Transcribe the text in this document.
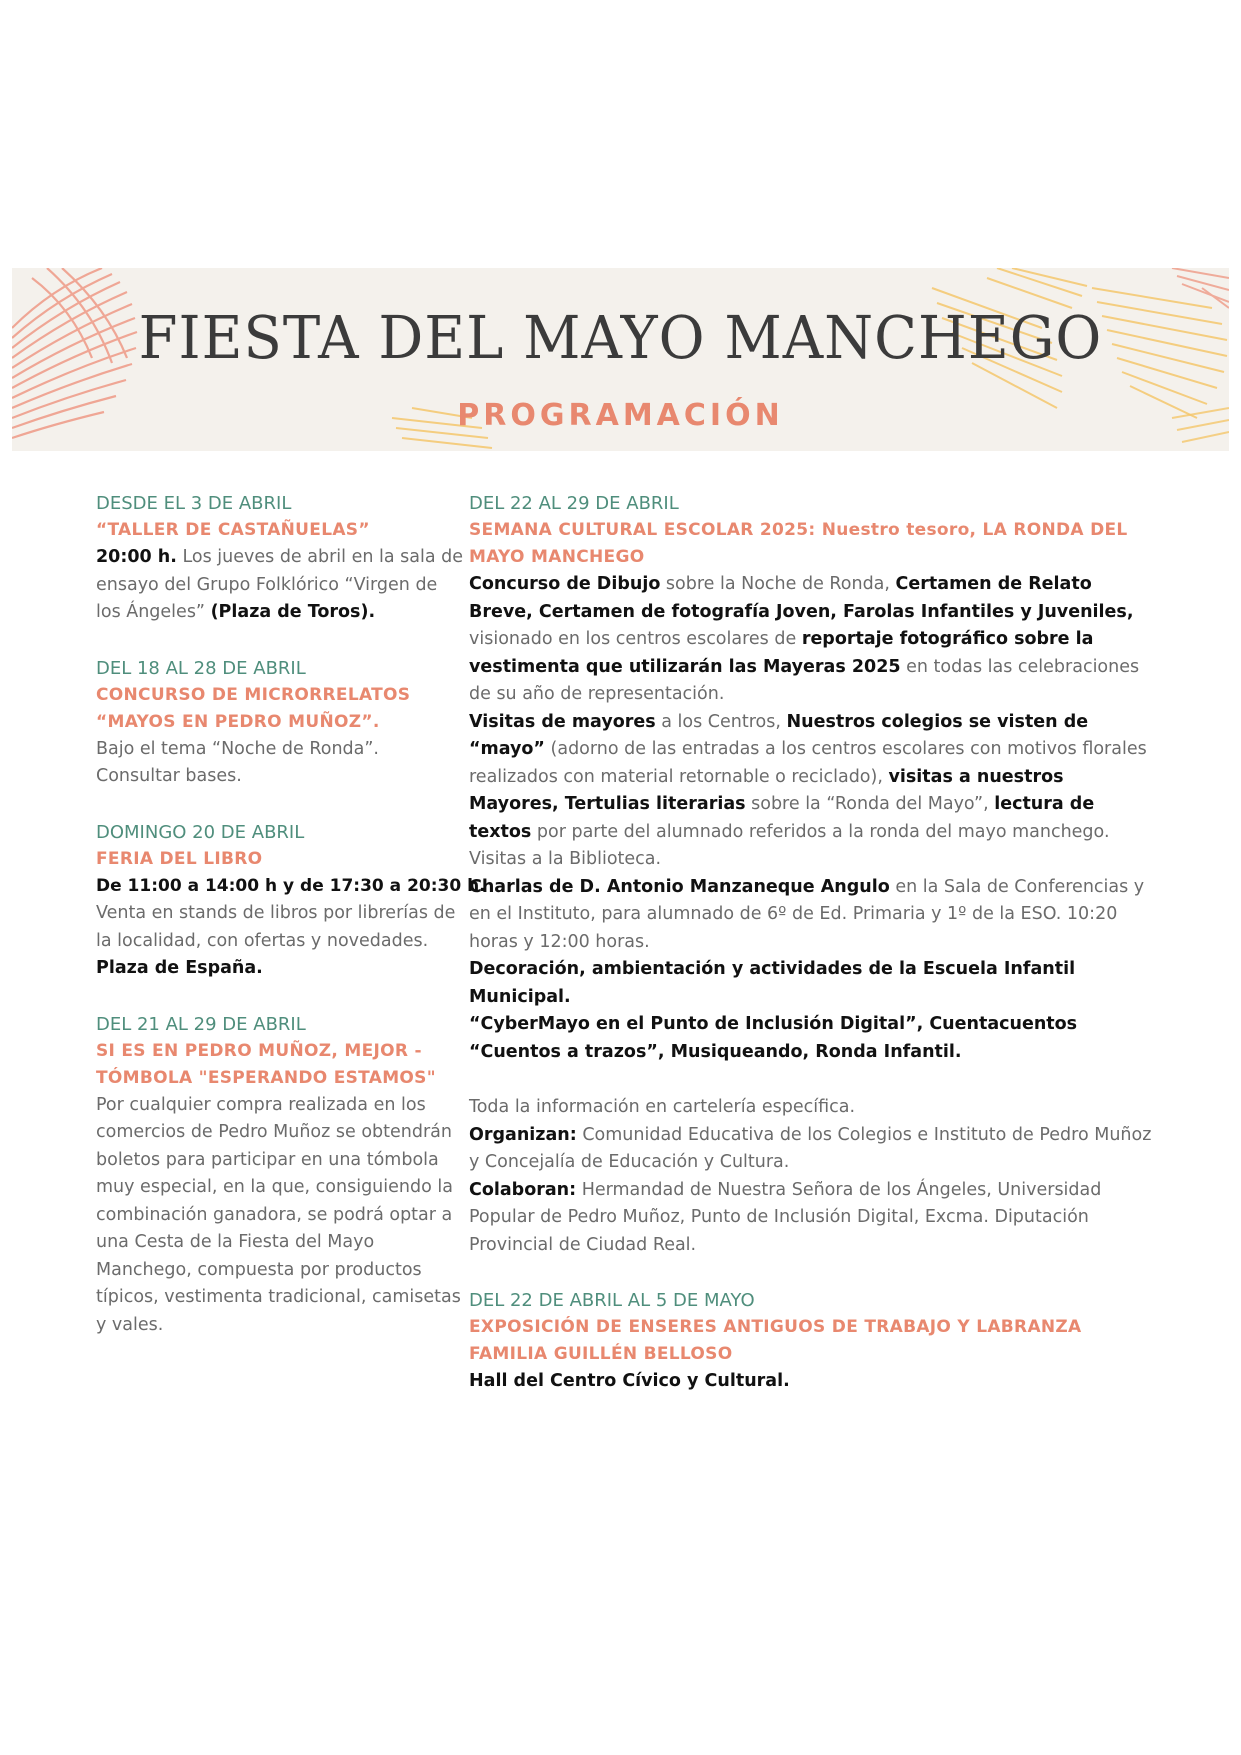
FIESTA DEL MAYO MANCHEGO
PROGRAMACIÓN
DESDE EL 3 DE ABRIL
“TALLER DE CASTAÑUELAS”
20:00 h. Los jueves de abril en la sala de ensayo del Grupo Folklórico “Virgen de los Ángeles” (Plaza de Toros).
DEL 18 AL 28 DE ABRIL
CONCURSO DE MICRORRELATOS
“MAYOS EN PEDRO MUÑOZ”.
Bajo el tema “Noche de Ronda”. Consultar bases.
DOMINGO 20 DE ABRIL
FERIA DEL LIBRO
De 11:00 a 14:00 h y de 17:30 a 20:30 h.
Venta en stands de libros por librerías de la localidad, con ofertas y novedades. Plaza de España.
DEL 21 AL 29 DE ABRIL
SI ES EN PEDRO MUÑOZ, MEJOR -
TÓMBOLA "ESPERANDO ESTAMOS"
Por cualquier compra realizada en los comercios de Pedro Muñoz se obtendrán boletos para participar en una tómbola muy especial, en la que, consiguiendo la combinación ganadora, se podrá optar a una Cesta de la Fiesta del Mayo Manchego, compuesta por productos típicos, vestimenta tradicional, camisetas y vales.
DEL 22 AL 29 DE ABRIL
SEMANA CULTURAL ESCOLAR 2025: Nuestro tesoro, LA RONDA DEL MAYO MANCHEGO
Concurso de Dibujo sobre la Noche de Ronda, Certamen de Relato Breve, Certamen de fotografía Joven, Farolas Infantiles y Juveniles, visionado en los centros escolares de reportaje fotográfico sobre la vestimenta que utilizarán las Mayeras 2025 en todas las celebraciones de su año de representación.
Visitas de mayores a los Centros, Nuestros colegios se visten de “mayo” (adorno de las entradas a los centros escolares con motivos florales realizados con material retornable o reciclado), visitas a nuestros Mayores, Tertulias literarias sobre la “Ronda del Mayo”, lectura de textos por parte del alumnado referidos a la ronda del mayo manchego. Visitas a la Biblioteca.
Charlas de D. Antonio Manzaneque Angulo en la Sala de Conferencias y en el Instituto, para alumnado de 6º de Ed. Primaria y 1º de la ESO. 10:20 horas y 12:00 horas.
Decoración, ambientación y actividades de la Escuela Infantil Municipal.
“CyberMayo en el Punto de Inclusión Digital”, Cuentacuentos “Cuentos a trazos”, Musiqueando, Ronda Infantil.
Toda la información en cartelería específica.
Organizan: Comunidad Educativa de los Colegios e Instituto de Pedro Muñoz y Concejalía de Educación y Cultura.
Colaboran: Hermandad de Nuestra Señora de los Ángeles, Universidad Popular de Pedro Muñoz, Punto de Inclusión Digital, Excma. Diputación Provincial de Ciudad Real.
DEL 22 DE ABRIL AL 5 DE MAYO
EXPOSICIÓN DE ENSERES ANTIGUOS DE TRABAJO Y LABRANZA
FAMILIA GUILLÉN BELLOSO
Hall del Centro Cívico y Cultural.
